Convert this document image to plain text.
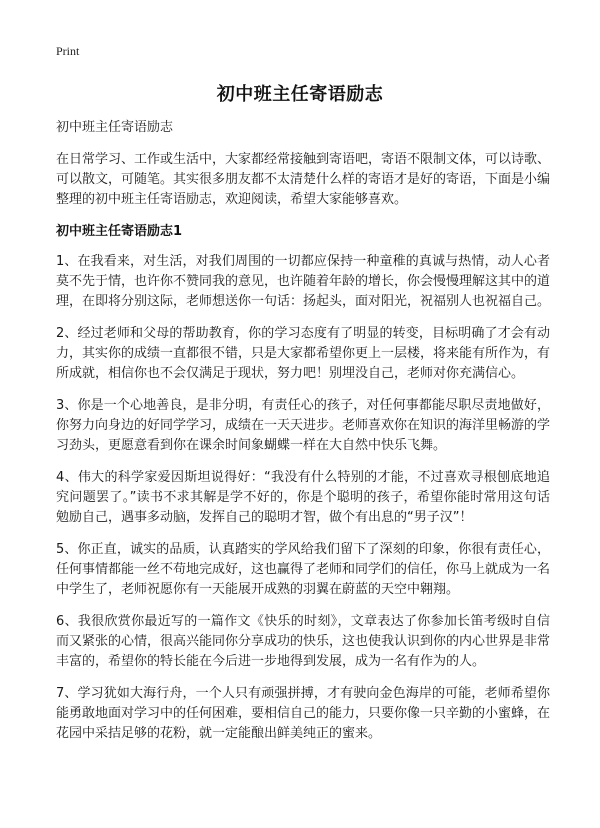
Print
初中班主任寄语励志

初中班主任寄语励志

在日常学习、工作或生活中，大家都经常接触到寄语吧，寄语不限制文体，可以诗歌、可以散文，可随笔。其实很多朋友都不太清楚什么样的寄语才是好的寄语，下面是小编整理的初中班主任寄语励志，欢迎阅读，希望大家能够喜欢。

初中班主任寄语励志1

1、在我看来，对生活，对我们周围的一切都应保持一种童稚的真诚与热情，动人心者莫不先于情，也许你不赞同我的意见，也许随着年龄的增长，你会慢慢理解这其中的道理，在即将分别这际，老师想送你一句话：扬起头，面对阳光，祝福别人也祝福自己。

2、经过老师和父母的帮助教育，你的学习态度有了明显的转变，目标明确了才会有动力，其实你的成绩一直都很不错，只是大家都希望你更上一层楼，将来能有所作为，有所成就，相信你也不会仅满足于现状，努力吧！别埋没自己，老师对你充满信心。

3、你是一个心地善良，是非分明，有责任心的孩子，对任何事都能尽职尽责地做好，你努力向身边的好同学学习，成绩在一天天进步。老师喜欢你在知识的海洋里畅游的学习劲头，更愿意看到你在课余时间象蝴蝶一样在大自然中快乐飞舞。

4、伟大的科学家爱因斯坦说得好：“我没有什么特别的才能，不过喜欢寻根刨底地追究问题罢了。”读书不求其解是学不好的，你是个聪明的孩子，希望你能时常用这句话勉励自己，遇事多动脑，发挥自己的聪明才智，做个有出息的“男子汉”！

5、你正直，诚实的品质，认真踏实的学风给我们留下了深刻的印象，你很有责任心，任何事情都能一丝不苟地完成好，这也赢得了老师和同学们的信任，你马上就成为一名中学生了，老师祝愿你有一天能展开成熟的羽翼在蔚蓝的天空中翱翔。

6、我很欣赏你最近写的一篇作文《快乐的时刻》，文章表达了你参加长笛考级时自信而又紧张的心情，很高兴能同你分享成功的快乐，这也使我认识到你的内心世界是非常丰富的，希望你的特长能在今后进一步地得到发展，成为一名有作为的人。

7、学习犹如大海行舟，一个人只有顽强拼搏，才有驶向金色海岸的可能，老师希望你能勇敢地面对学习中的任何困难，要相信自己的能力，只要你像一只辛勤的小蜜蜂，在花园中采拮足够的花粉，就一定能酿出鲜美纯正的蜜来。
